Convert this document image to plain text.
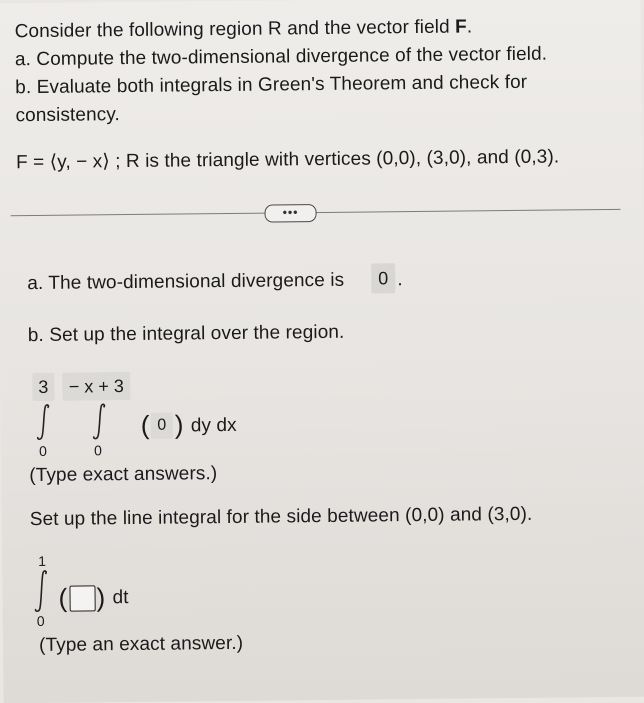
Consider the following region R and the vector field F.
a. Compute the two-dimensional divergence of the vector field.
b. Evaluate both integrals in Green's Theorem and check for
consistency.
F = ⟨y, − x⟩ ; R is the triangle with vertices (0,0), (3,0), and (0,3).
•••
a. The two-dimensional divergence is	0 .
b. Set up the integral over the region.
3	− x + 3
0	0
( 0 ) dy dx
(Type exact answers.)
Set up the line integral for the side between (0,0) and (3,0).
1
0
( ) dt
(Type an exact answer.)
